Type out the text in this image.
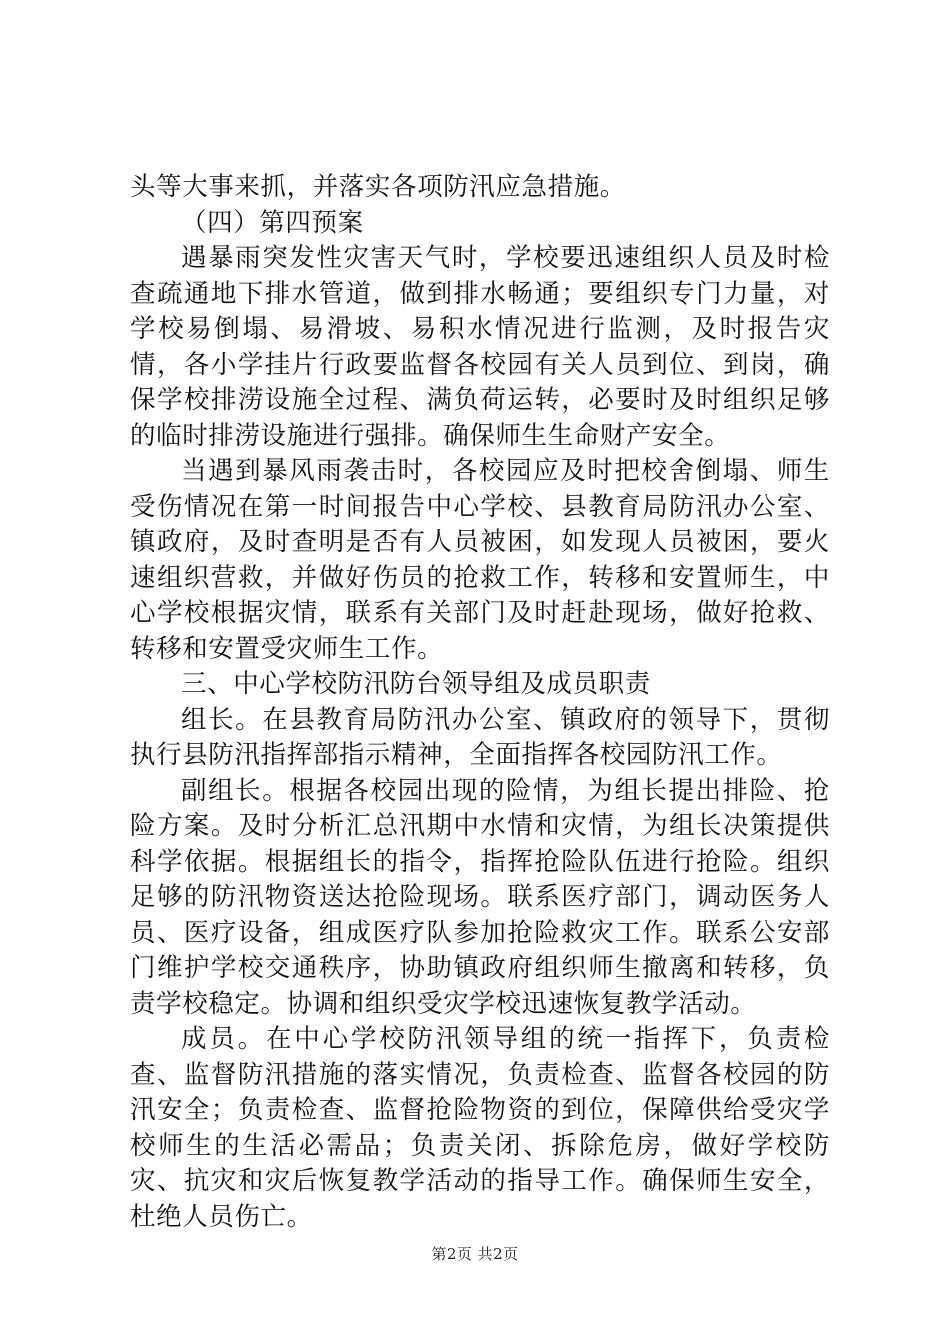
头等大事来抓，并落实各项防汛应急措施。

（四）第四预案

遇暴雨突发性灾害天气时，学校要迅速组织人员及时检查疏通地下排水管道，做到排水畅通；要组织专门力量，对学校易倒塌、易滑坡、易积水情况进行监测，及时报告灾情，各小学挂片行政要监督各校园有关人员到位、到岗，确保学校排涝设施全过程、满负荷运转，必要时及时组织足够的临时排涝设施进行强排。确保师生生命财产安全。

当遇到暴风雨袭击时，各校园应及时把校舍倒塌、师生受伤情况在第一时间报告中心学校、县教育局防汛办公室、镇政府，及时查明是否有人员被困，如发现人员被困，要火速组织营救，并做好伤员的抢救工作，转移和安置师生，中心学校根据灾情，联系有关部门及时赶赴现场，做好抢救、转移和安置受灾师生工作。

三、中心学校防汛防台领导组及成员职责

组长。在县教育局防汛办公室、镇政府的领导下，贯彻执行县防汛指挥部指示精神，全面指挥各校园防汛工作。

副组长。根据各校园出现的险情，为组长提出排险、抢险方案。及时分析汇总汛期中水情和灾情，为组长决策提供科学依据。根据组长的指令，指挥抢险队伍进行抢险。组织足够的防汛物资送达抢险现场。联系医疗部门，调动医务人员、医疗设备，组成医疗队参加抢险救灾工作。联系公安部门维护学校交通秩序，协助镇政府组织师生撤离和转移，负责学校稳定。协调和组织受灾学校迅速恢复教学活动。

成员。在中心学校防汛领导组的统一指挥下，负责检查、监督防汛措施的落实情况，负责检查、监督各校园的防汛安全；负责检查、监督抢险物资的到位，保障供给受灾学校师生的生活必需品；负责关闭、拆除危房，做好学校防灾、抗灾和灾后恢复教学活动的指导工作。确保师生安全，杜绝人员伤亡。

第2页 共2页
